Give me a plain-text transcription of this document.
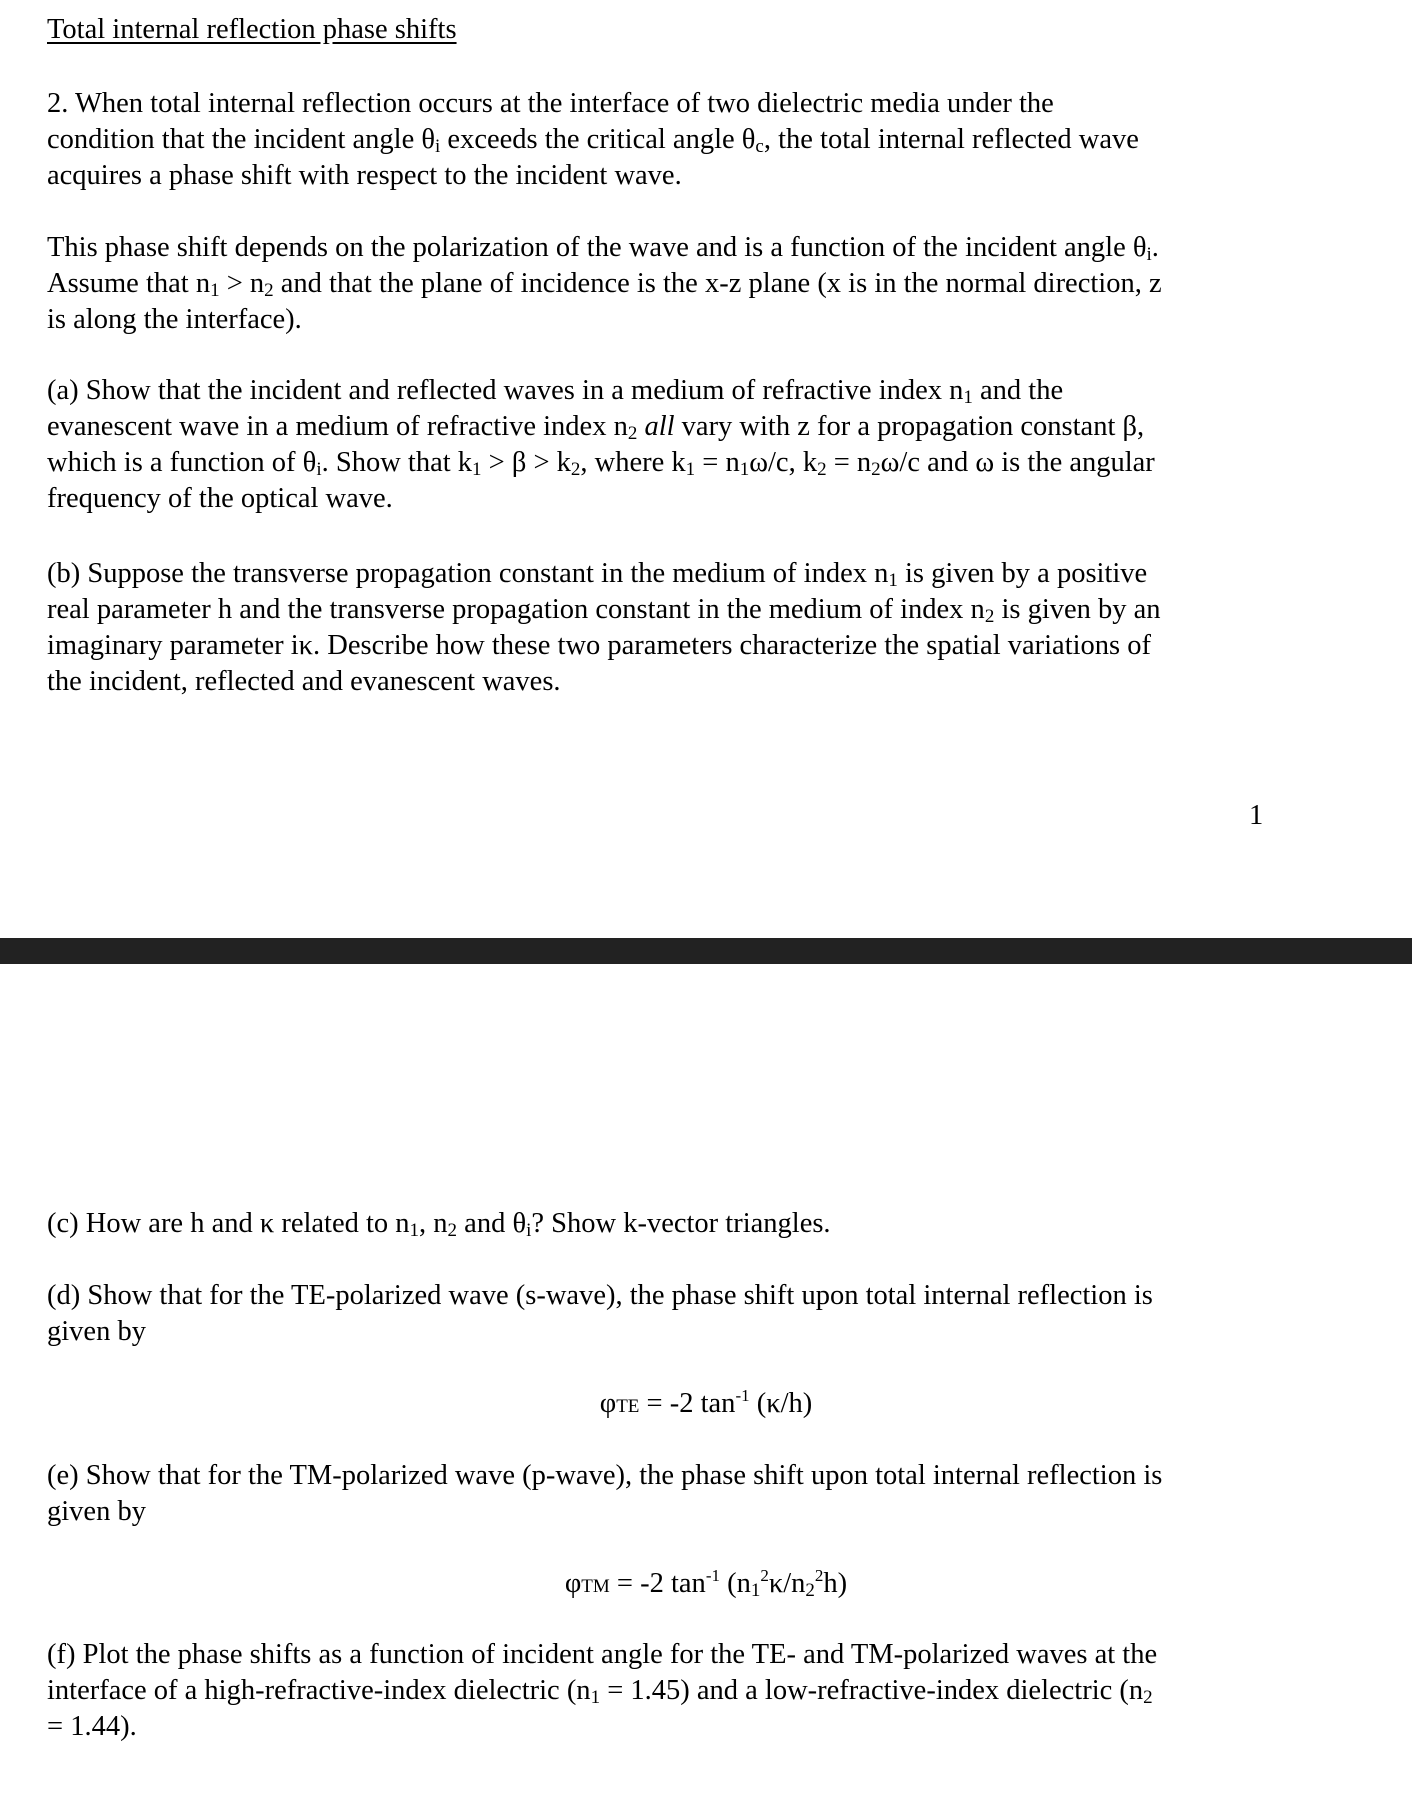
Total internal reflection phase shifts
2. When total internal reflection occurs at the interface of two dielectric media under the
condition that the incident angle $\theta_i$ exceeds the critical angle $\theta_c$, the total internal reflected wave
acquires a phase shift with respect to the incident wave.
This phase shift depends on the polarization of the wave and is a function of the incident angle $\theta_i$.
Assume that $n_1 > n_2$ and that the plane of incidence is the x-z plane (x is in the normal direction, z
is along the interface).
(a) Show that the incident and reflected waves in a medium of refractive index $n_1$ and the
evanescent wave in a medium of refractive index $n_2$ all vary with z for a propagation constant β,
which is a function of $\theta_i$. Show that $k_1 > \beta > k_2$, where $k_1 = n_1\omega/c$, $k_2 = n_2\omega/c$ and ω is the angular
frequency of the optical wave.
(b) Suppose the transverse propagation constant in the medium of index $n_1$ is given by a positive
real parameter h and the transverse propagation constant in the medium of index $n_2$ is given by an
imaginary parameter iκ. Describe how these two parameters characterize the spatial variations of
the incident, reflected and evanescent waves.
1
(c) How are h and κ related to $n_1$, $n_2$ and $\theta_i$? Show k-vector triangles.
(d) Show that for the TE-polarized wave (s-wave), the phase shift upon total internal reflection is
given by
φTE = -2 $\tan^{-1} (\kappa/h)$
(e) Show that for the TM-polarized wave (p-wave), the phase shift upon total internal reflection is
given by
φTM = -2 $\tan^{-1} (n_1^2\kappa/n_2^2h)$
(f) Plot the phase shifts as a function of incident angle for the TE- and TM-polarized waves at the
interface of a high-refractive-index dielectric $(n_1 = 1.45)$ and a low-refractive-index dielectric ($n_2$
= 1.44).
